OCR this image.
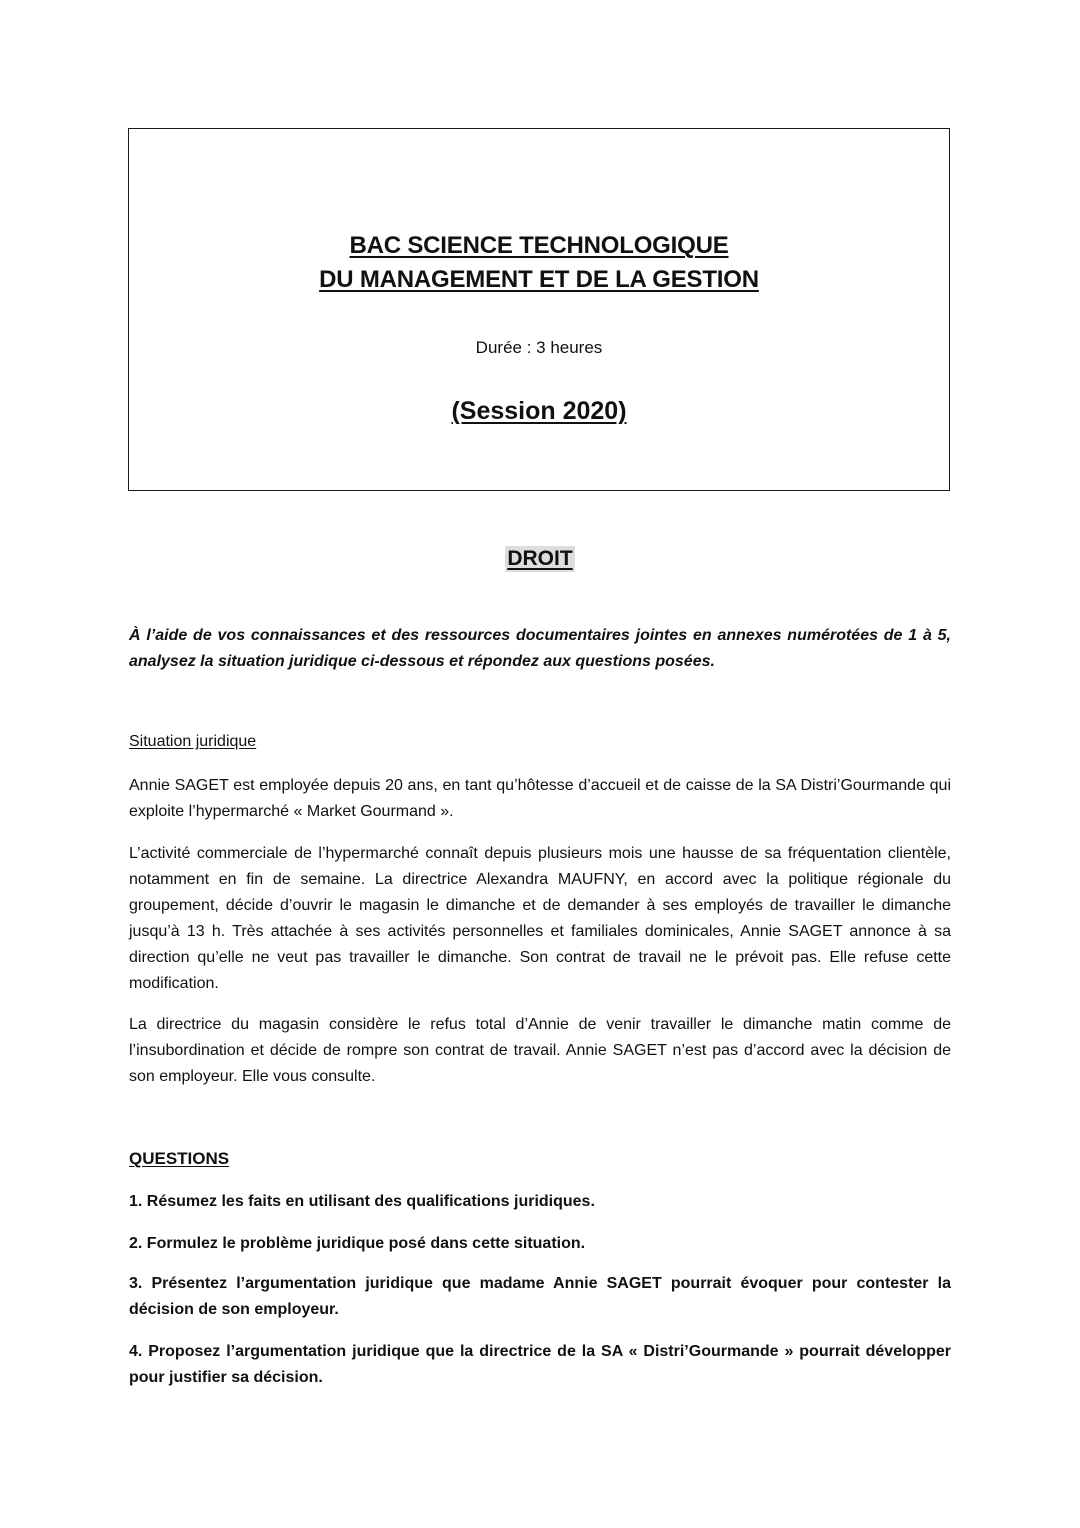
BAC SCIENCE TECHNOLOGIQUE
DU MANAGEMENT ET DE LA GESTION
Durée : 3 heures
(Session 2020)
DROIT
À l’aide de vos connaissances et des ressources documentaires jointes en annexes numérotées de 1 à 5, analysez la situation juridique ci-dessous et répondez aux questions posées.
Situation juridique
Annie SAGET est employée depuis 20 ans, en tant qu’hôtesse d’accueil et de caisse de la SA Distri’Gourmande qui exploite l’hypermarché « Market Gourmand ».
L’activité commerciale de l’hypermarché connaît depuis plusieurs mois une hausse de sa fréquentation clientèle, notamment en fin de semaine. La directrice Alexandra MAUFNY, en accord avec la politique régionale du groupement, décide d’ouvrir le magasin le dimanche et de demander à ses employés de travailler le dimanche jusqu’à 13 h. Très attachée à ses activités personnelles et familiales dominicales, Annie SAGET annonce à sa direction qu’elle ne veut pas travailler le dimanche. Son contrat de travail ne le prévoit pas. Elle refuse cette modification.
La directrice du magasin considère le refus total d’Annie de venir travailler le dimanche matin comme de l’insubordination et décide de rompre son contrat de travail. Annie SAGET n’est pas d’accord avec la décision de son employeur. Elle vous consulte.
QUESTIONS
1. Résumez les faits en utilisant des qualifications juridiques.
2. Formulez le problème juridique posé dans cette situation.
3. Présentez l’argumentation juridique que madame Annie SAGET pourrait évoquer pour contester la décision de son employeur.
4. Proposez l’argumentation juridique que la directrice de la SA « Distri’Gourmande » pourrait développer pour justifier sa décision.
